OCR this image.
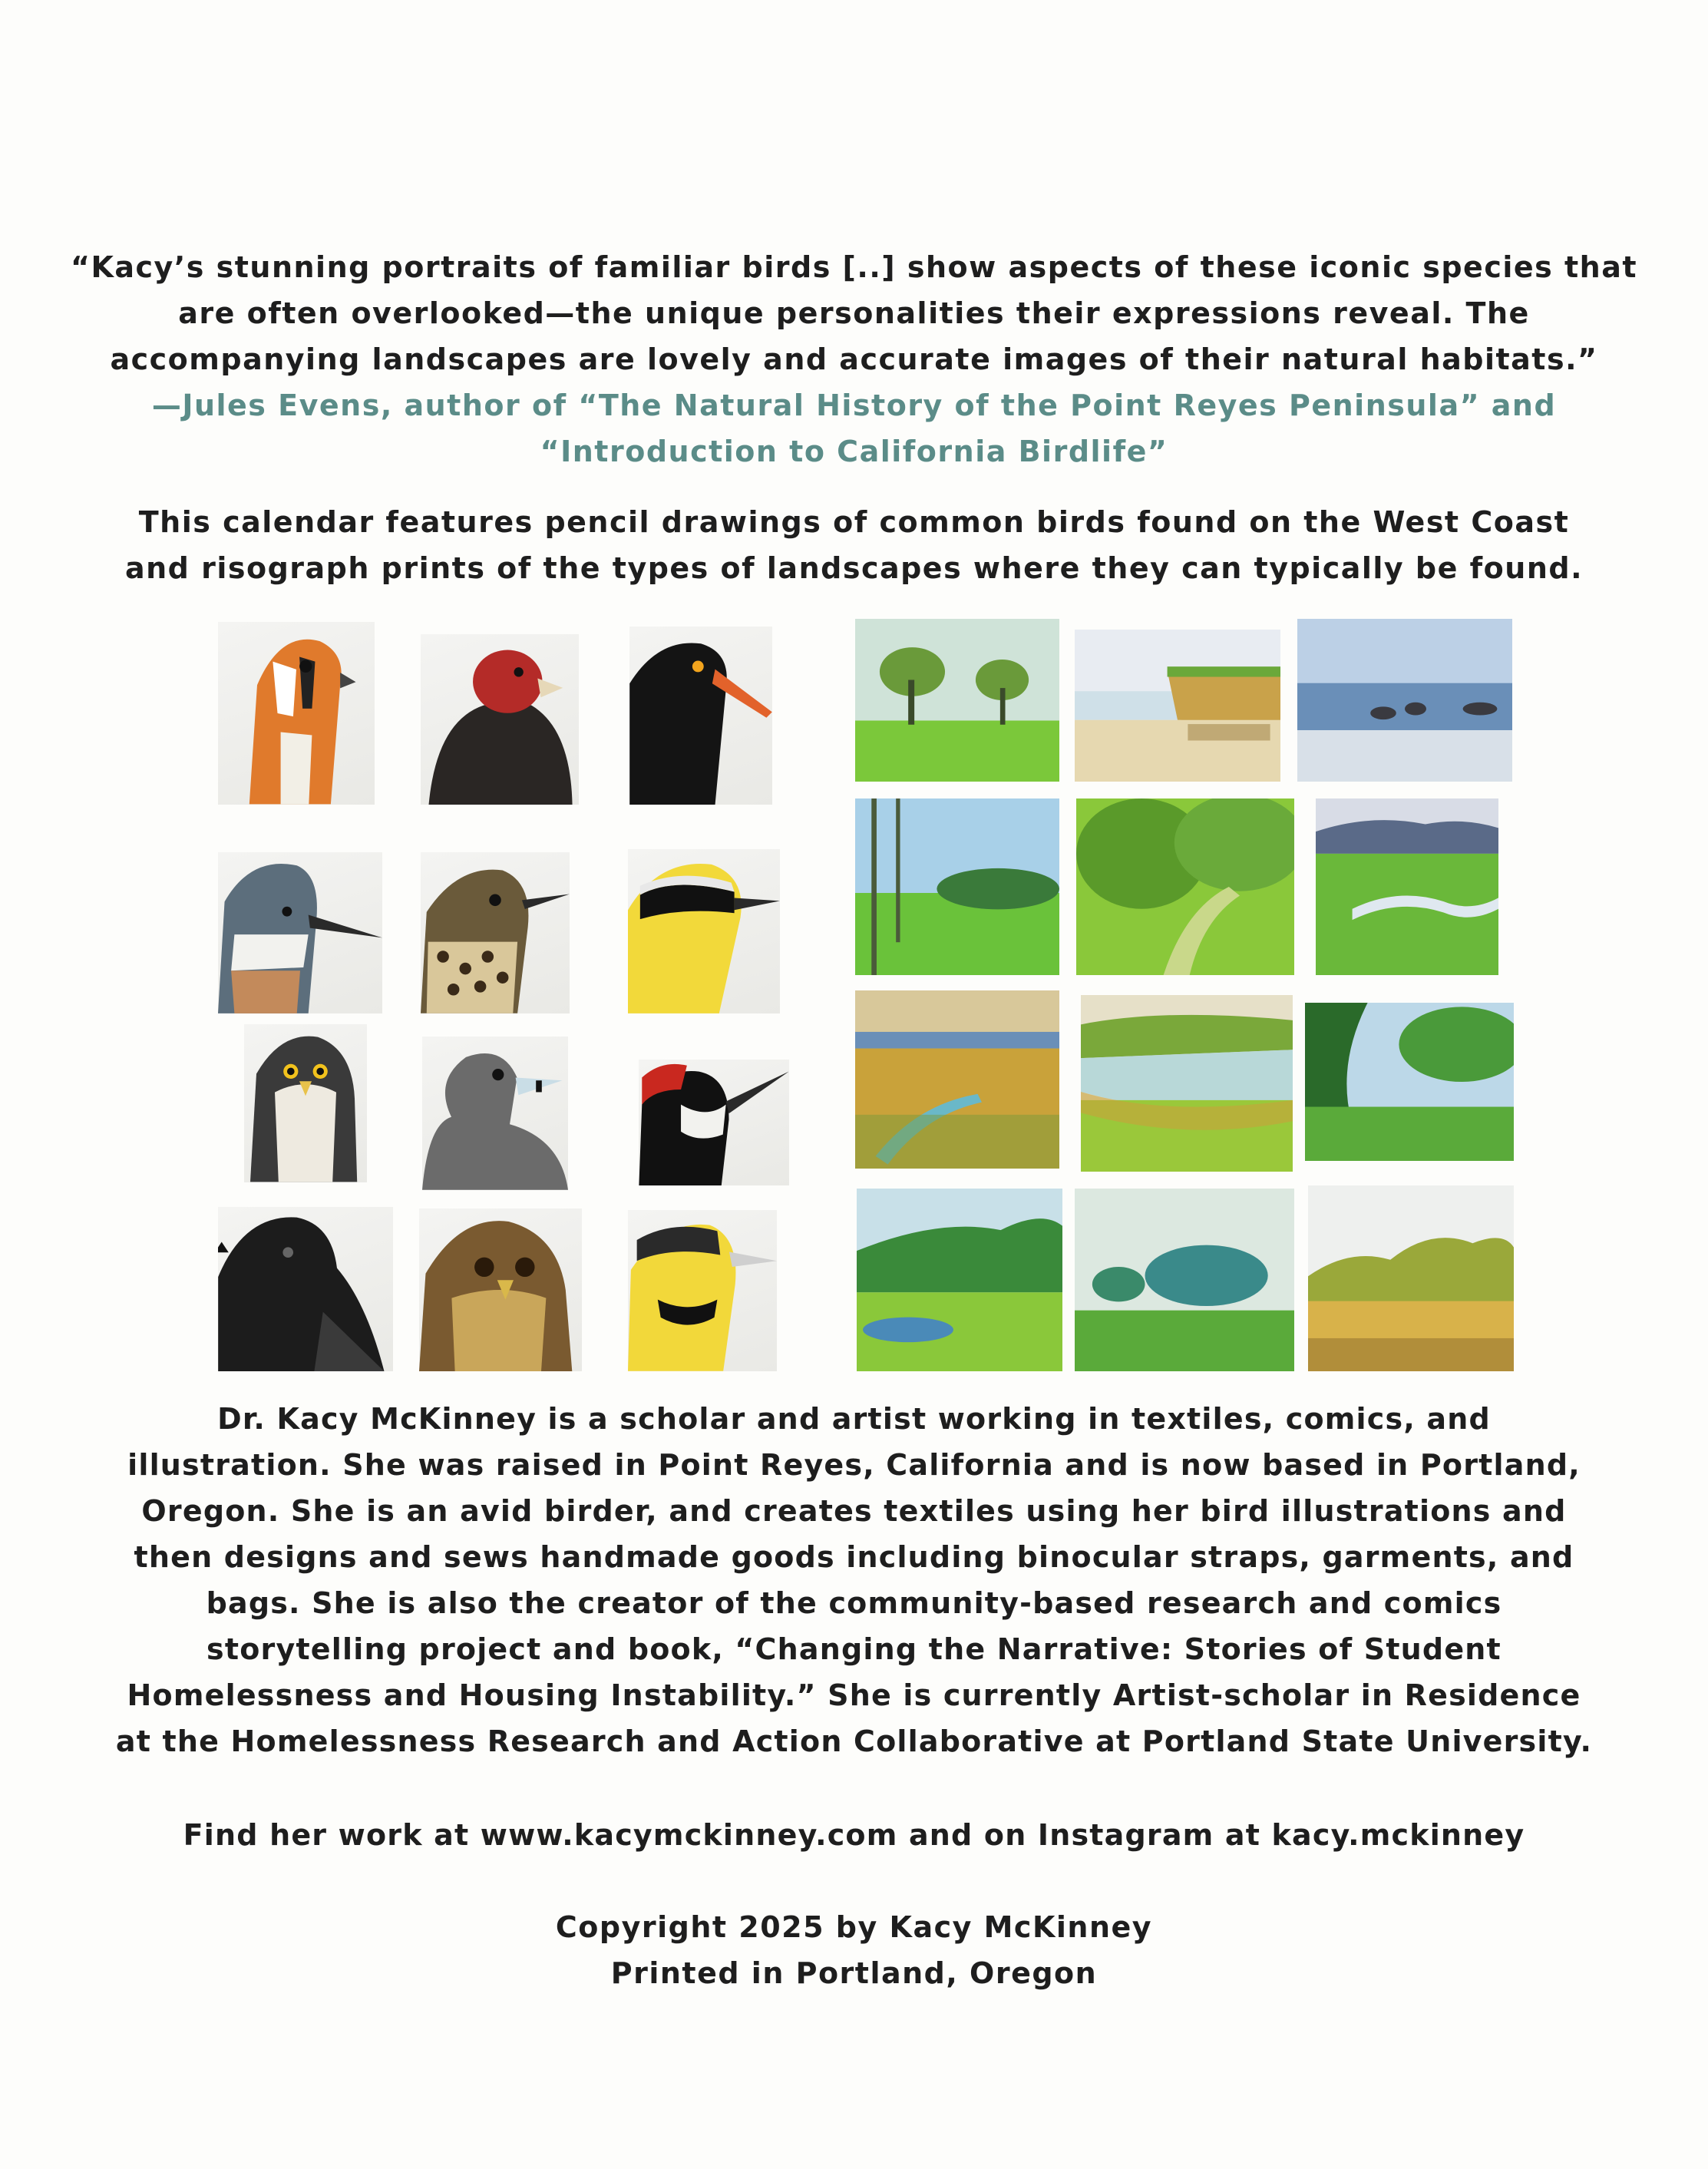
“Kacy’s stunning portraits of familiar birds [..] show aspects of these iconic species that
are often overlooked—the unique personalities their expressions reveal. The
accompanying landscapes are lovely and accurate images of their natural habitats.”
—Jules Evens, author of “The Natural History of the Point Reyes Peninsula” and
“Introduction to California Birdlife”
This calendar features pencil drawings of common birds found on the West Coast
and risograph prints of the types of landscapes where they can typically be found.
Dr. Kacy McKinney is a scholar and artist working in textiles, comics, and
illustration. She was raised in Point Reyes, California and is now based in Portland,
Oregon. She is an avid birder, and creates textiles using her bird illustrations and
then designs and sews handmade goods including binocular straps, garments, and
bags. She is also the creator of the community-based research and comics
storytelling project and book, “Changing the Narrative: Stories of Student
Homelessness and Housing Instability.” She is currently Artist-scholar in Residence
at the Homelessness Research and Action Collaborative at Portland State University.
Find her work at www.kacymckinney.com and on Instagram at kacy.mckinney
Copyright 2025 by Kacy McKinney
Printed in Portland, Oregon
